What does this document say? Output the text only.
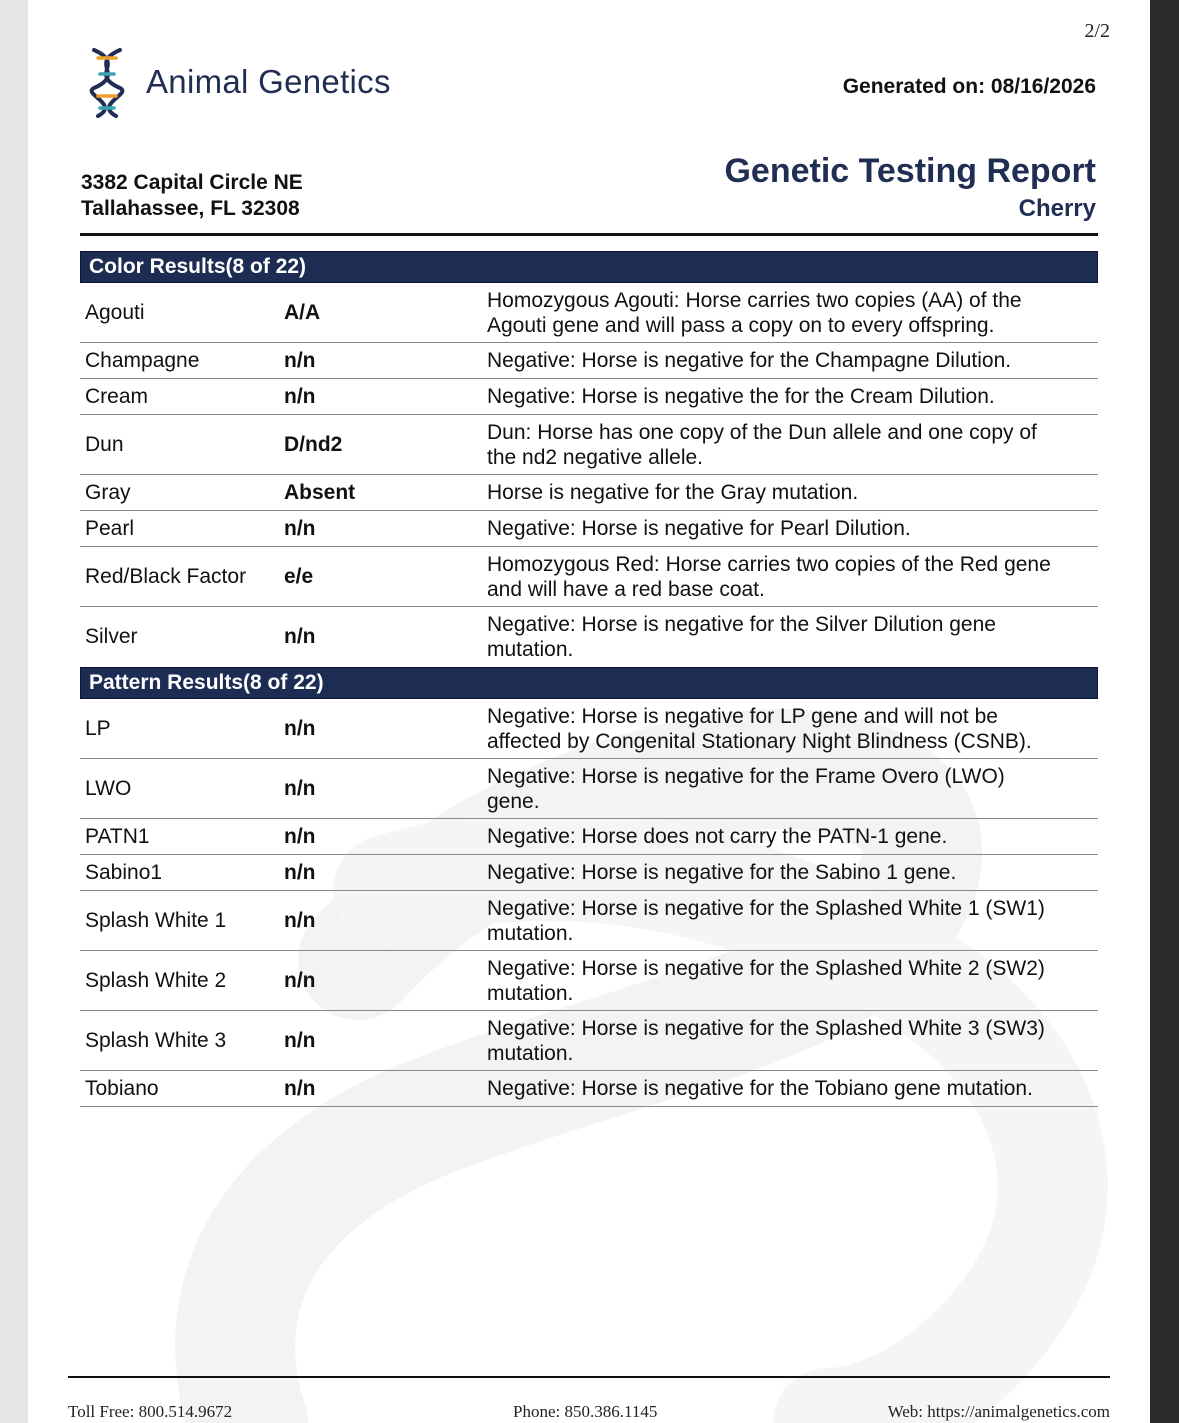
2/2
Animal Genetics	Generated on: 08/16/2026
3382 Capital Circle NE
Tallahassee, FL 32308
Genetic Testing Report
Cherry
Color Results(8 of 22)
Agouti	A/A
Homozygous Agouti: Horse carries two copies (AA) of the
Agouti gene and will pass a copy on to every offspring.
Champagne	n/n	Negative: Horse is negative for the Champagne Dilution.
Cream	n/n	Negative: Horse is negative the for the Cream Dilution.
Dun	D/nd2
Dun: Horse has one copy of the Dun allele and one copy of
the nd2 negative allele.
Gray	Absent	Horse is negative for the Gray mutation.
Pearl	n/n	Negative: Horse is negative for Pearl Dilution.
Red/Black Factor	e/e
Homozygous Red: Horse carries two copies of the Red gene
and will have a red base coat.
Silver	n/n
Negative: Horse is negative for the Silver Dilution gene
mutation.
Pattern Results(8 of 22)
LP	n/n
Negative: Horse is negative for LP gene and will not be
affected by Congenital Stationary Night Blindness (CSNB).
LWO	n/n
Negative: Horse is negative for the Frame Overo (LWO)
gene.
PATN1	n/n	Negative: Horse does not carry the PATN-1 gene.
Sabino1	n/n	Negative: Horse is negative for the Sabino 1 gene.
Splash White 1	n/n
Negative: Horse is negative for the Splashed White 1 (SW1)
mutation.
Splash White 2	n/n
Negative: Horse is negative for the Splashed White 2 (SW2)
mutation.
Splash White 3	n/n
Negative: Horse is negative for the Splashed White 3 (SW3)
mutation.
Tobiano	n/n	Negative: Horse is negative for the Tobiano gene mutation.
Toll Free: 800.514.9672	Phone: 850.386.1145	Web: https://animalgenetics.com
